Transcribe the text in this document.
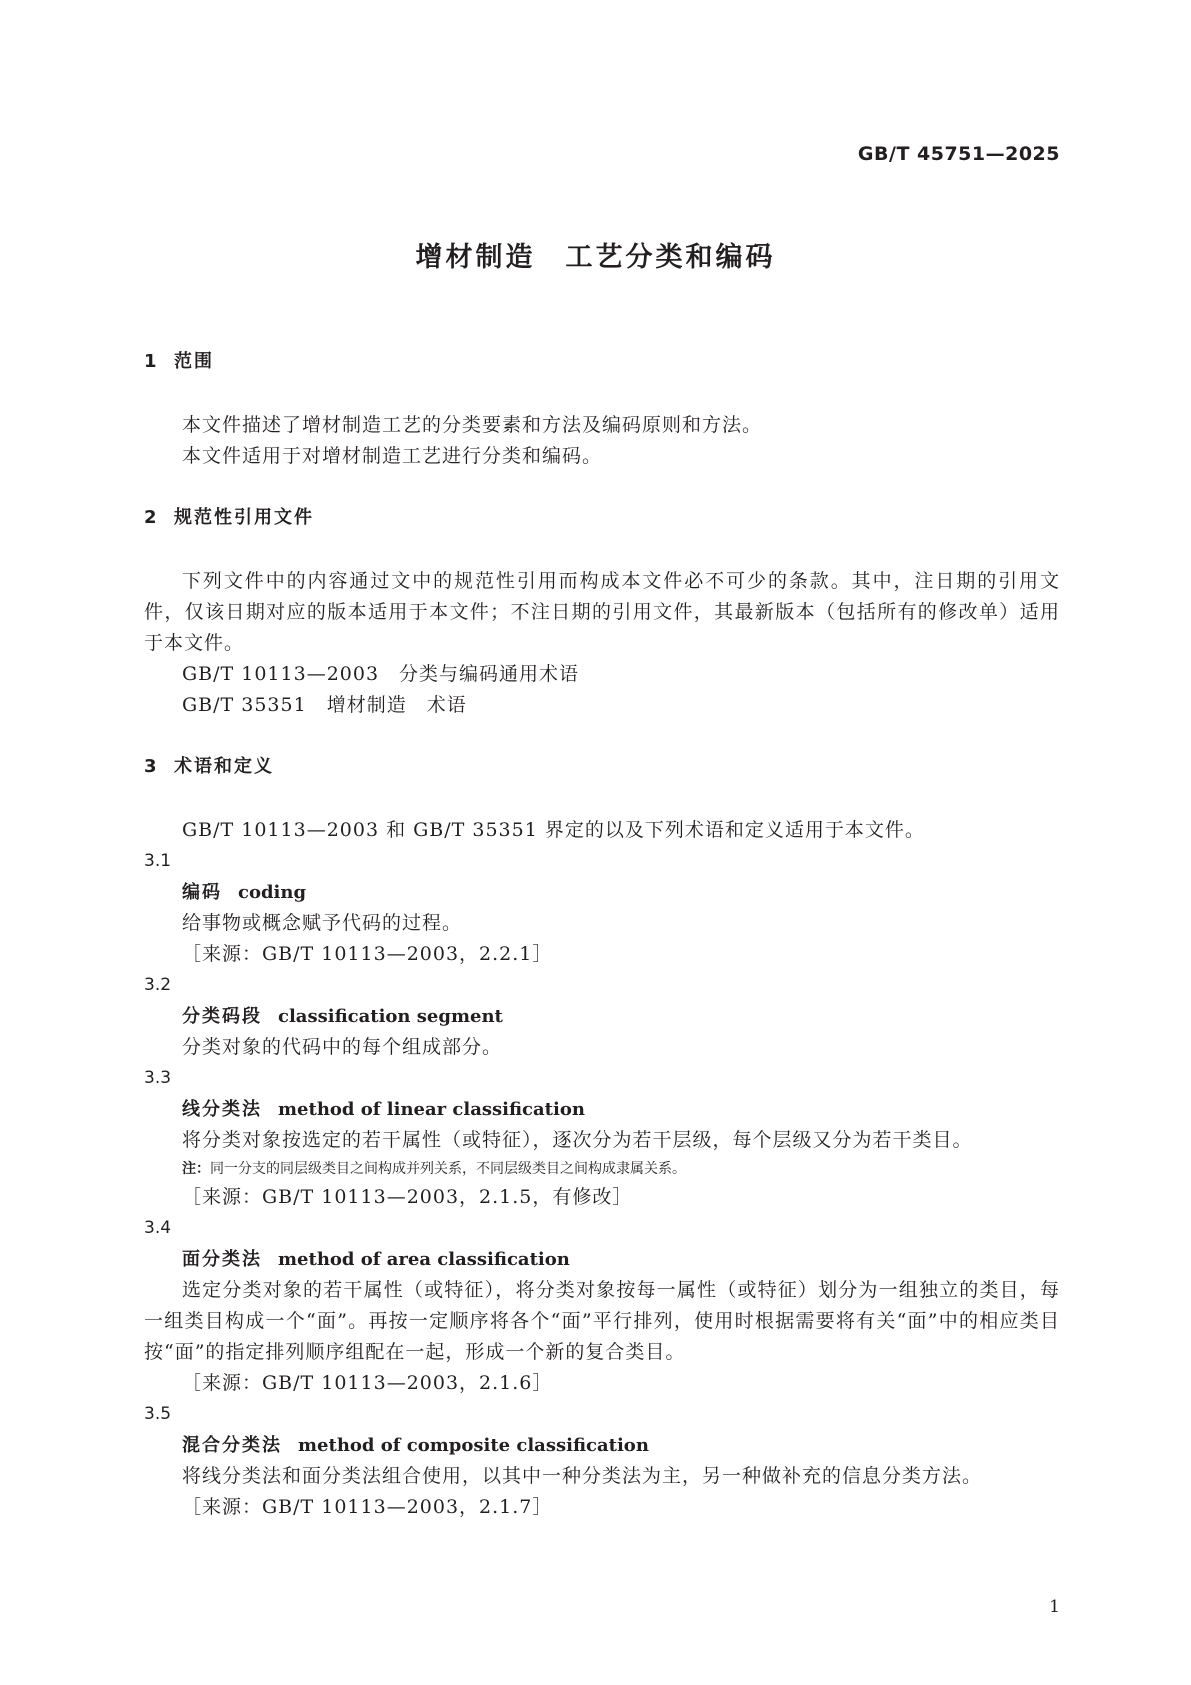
GB/T 45751—2025
增材制造　工艺分类和编码
1 范围

本文件描述了增材制造工艺的分类要素和方法及编码原则和方法。

本文件适用于对增材制造工艺进行分类和编码。

2 规范性引用文件

下列文件中的内容通过文中的规范性引用而构成本文件必不可少的条款。其中，注日期的引用文件，仅该日期对应的版本适用于本文件；不注日期的引用文件，其最新版本（包括所有的修改单）适用于本文件。

GB/T 10113—2003　分类与编码通用术语

GB/T 35351　增材制造　术语

3 术语和定义

GB/T 10113—2003 和 GB/T 35351 界定的以及下列术语和定义适用于本文件。

3.1
编码 coding

给事物或概念赋予代码的过程。

［来源：GB/T 10113—2003，2.2.1］

3.2
分类码段 classification segment

分类对象的代码中的每个组成部分。

3.3
线分类法 method of linear classification

将分类对象按选定的若干属性（或特征），逐次分为若干层级，每个层级又分为若干类目。

注：同一分支的同层级类目之间构成并列关系，不同层级类目之间构成隶属关系。

［来源：GB/T 10113—2003，2.1.5，有修改］

3.4
面分类法 method of area classification

选定分类对象的若干属性（或特征），将分类对象按每一属性（或特征）划分为一组独立的类目，每一组类目构成一个“面”。再按一定顺序将各个“面”平行排列，使用时根据需要将有关“面”中的相应类目按“面”的指定排列顺序组配在一起，形成一个新的复合类目。

［来源：GB/T 10113—2003，2.1.6］

3.5
混合分类法 method of composite classification

将线分类法和面分类法组合使用，以其中一种分类法为主，另一种做补充的信息分类方法。

［来源：GB/T 10113—2003，2.1.7］

1
